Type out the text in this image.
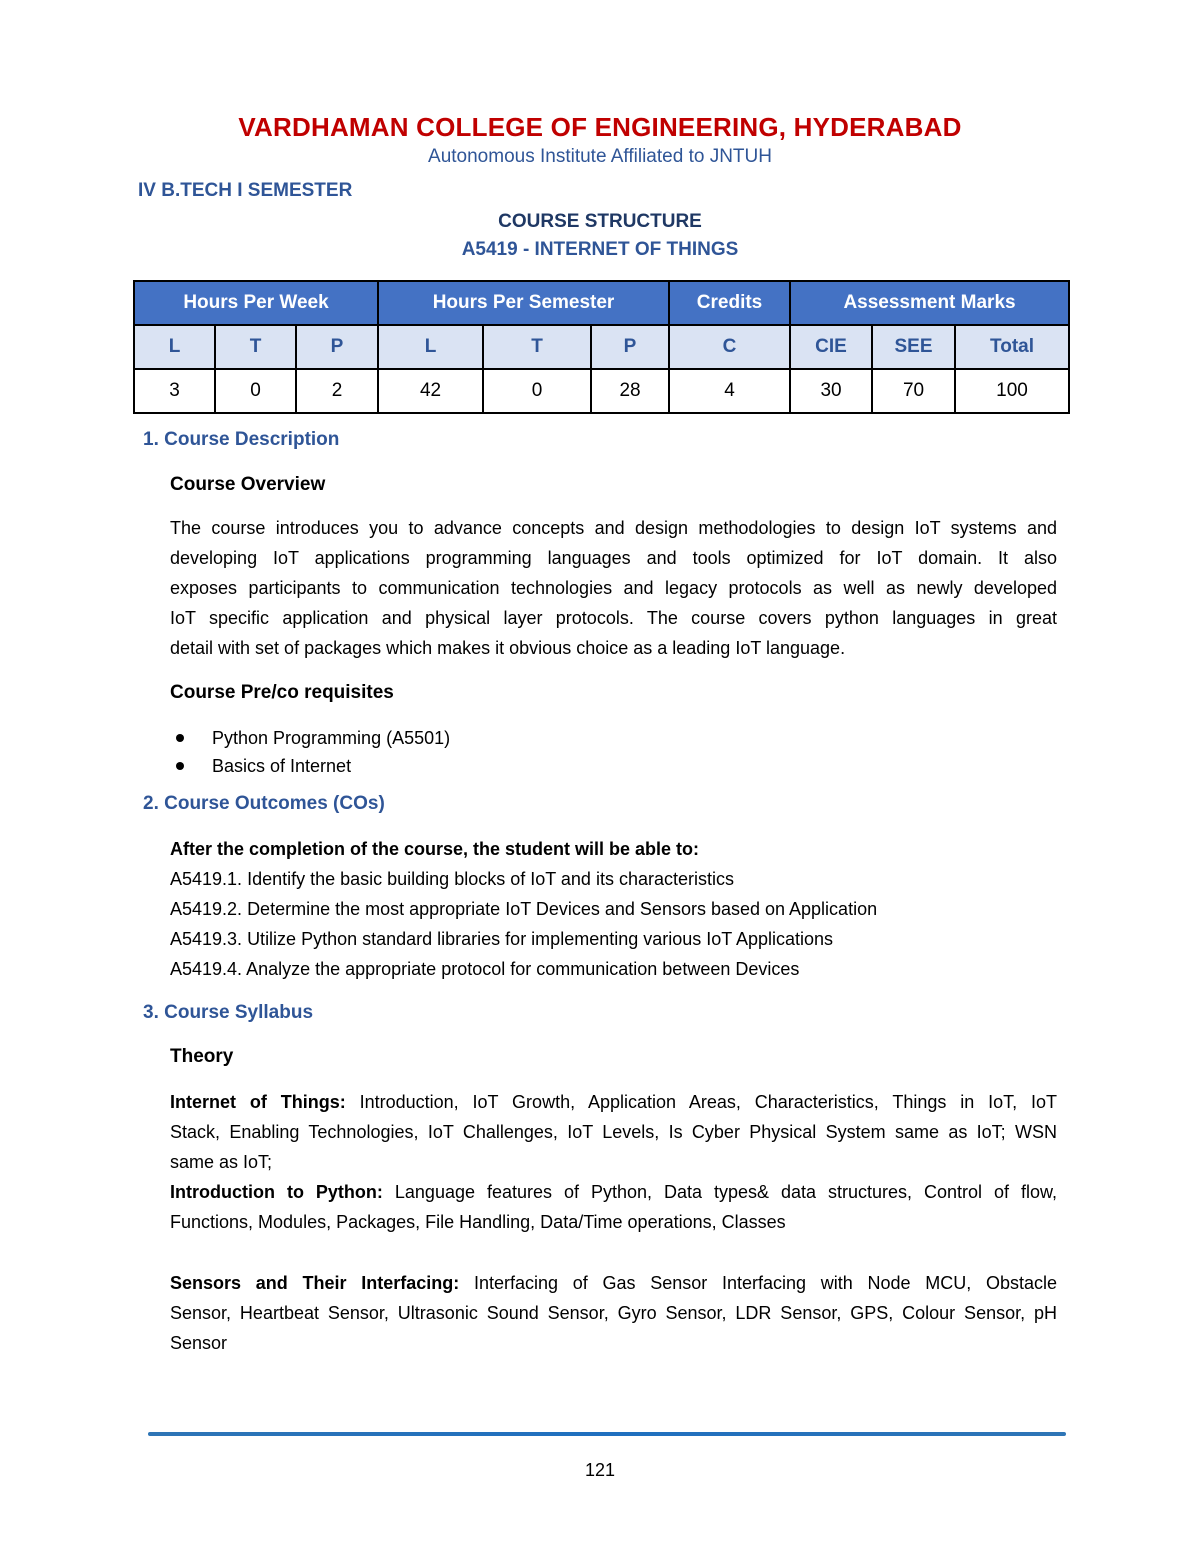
VARDHAMAN COLLEGE OF ENGINEERING, HYDERABAD
Autonomous Institute Affiliated to JNTUH
IV B.TECH I SEMESTER
COURSE STRUCTURE
A5419 - INTERNET OF THINGS
Hours Per Week			Hours Per Semester			Credits	Assessment Marks		
L	T	P	L	T	P	C	CIE	SEE	Total
3	0	2	42	0	28	4	30	70	100
1. Course Description
Course Overview
The course introduces you to advance concepts and design methodologies to design IoT systems and
developing IoT applications programming languages and tools optimized for IoT domain. It also
exposes participants to communication technologies and legacy protocols as well as newly developed
IoT specific application and physical layer protocols. The course covers python languages in great
detail with set of packages which makes it obvious choice as a leading IoT language.
Course Pre/co requisites
Python Programming (A5501)
Basics of Internet
2. Course Outcomes (COs)
After the completion of the course, the student will be able to:
A5419.1. Identify the basic building blocks of IoT and its characteristics
A5419.2. Determine the most appropriate IoT Devices and Sensors based on Application
A5419.3. Utilize Python standard libraries for implementing various IoT Applications
A5419.4. Analyze the appropriate protocol for communication between Devices
3. Course Syllabus
Theory
Internet of Things: Introduction, IoT Growth, Application Areas, Characteristics, Things in IoT, IoT
Stack, Enabling Technologies, IoT Challenges, IoT Levels, Is Cyber Physical System same as IoT; WSN
same as IoT;
Introduction to Python: Language features of Python, Data types& data structures, Control of flow,
Functions, Modules, Packages, File Handling, Data/Time operations, Classes
Sensors and Their Interfacing: Interfacing of Gas Sensor Interfacing with Node MCU, Obstacle
Sensor, Heartbeat Sensor, Ultrasonic Sound Sensor, Gyro Sensor, LDR Sensor, GPS, Colour Sensor, pH
Sensor
121
